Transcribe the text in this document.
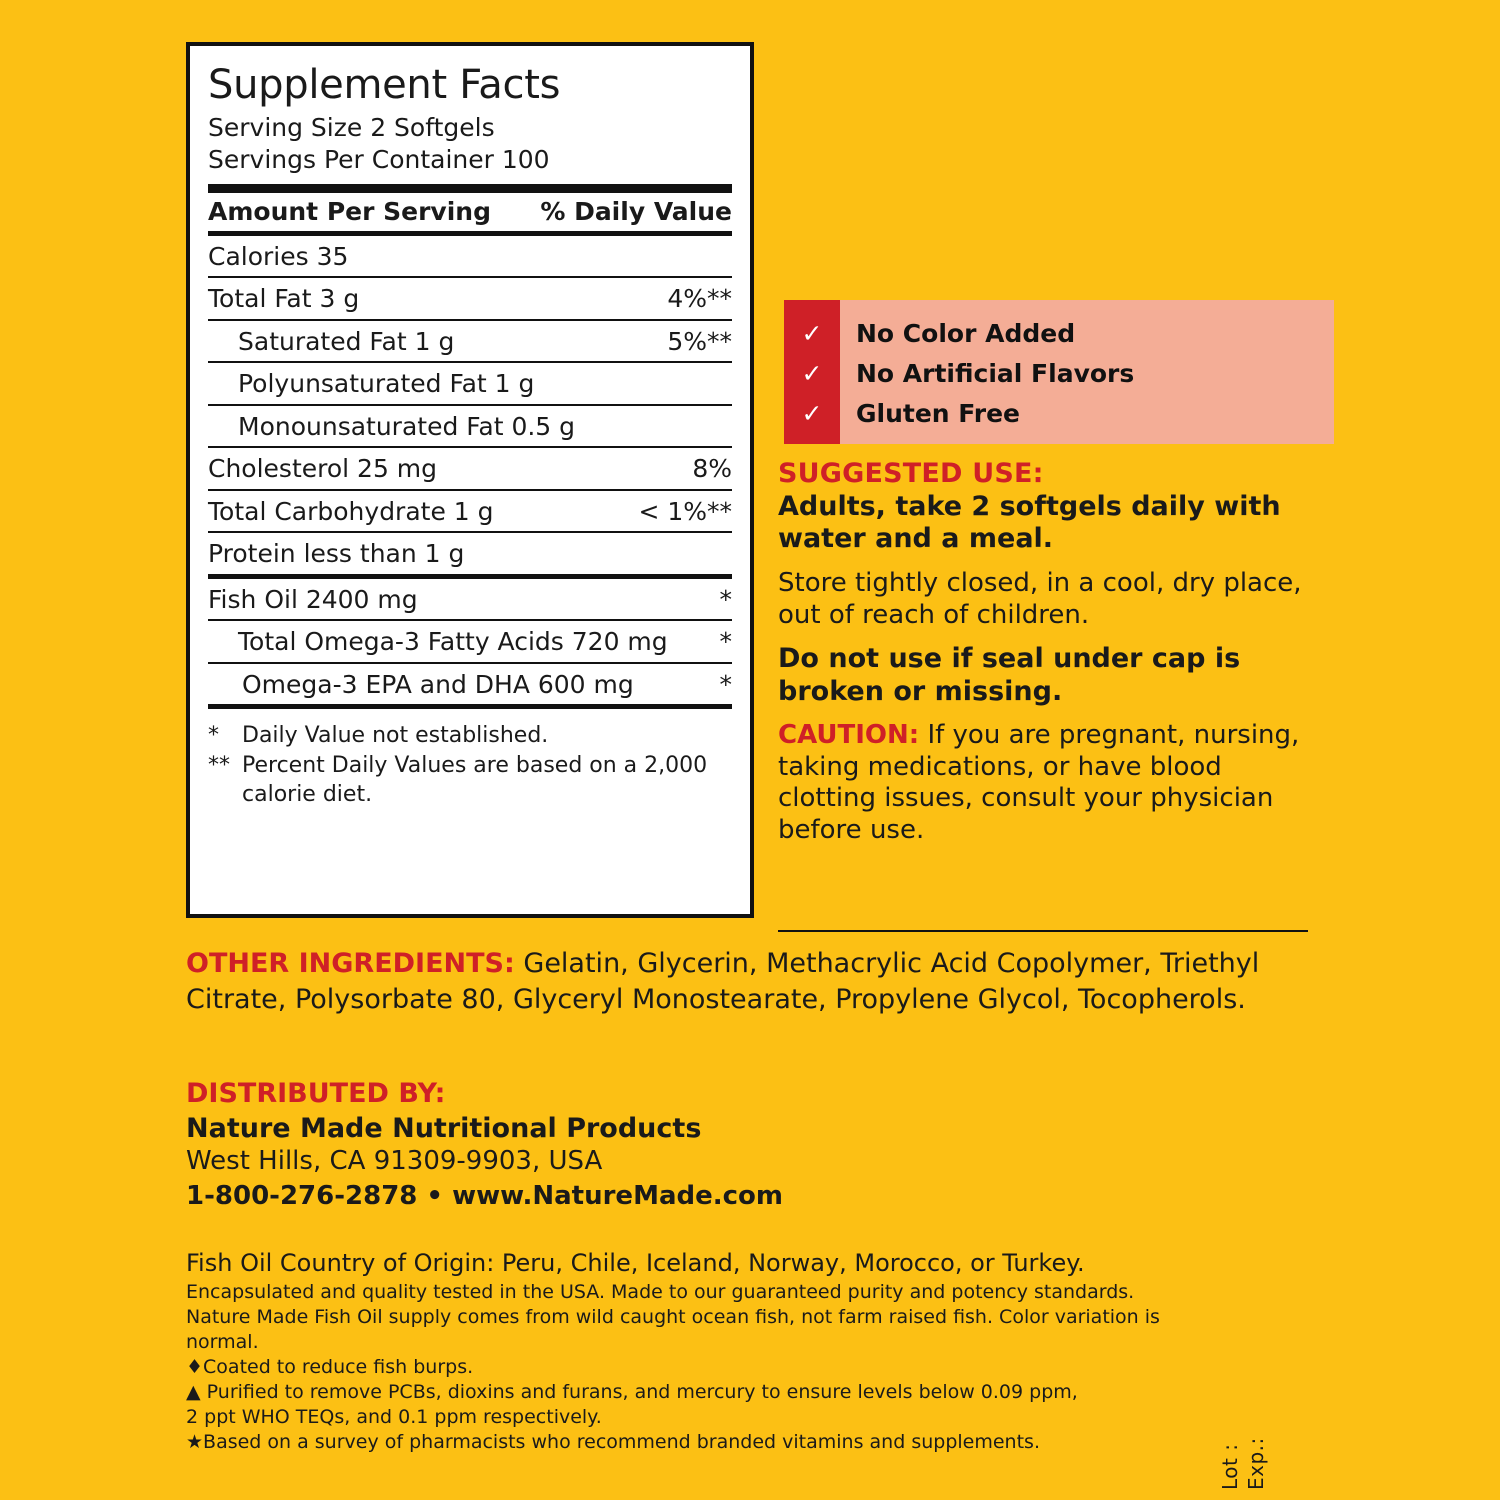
Supplement Facts
Serving Size 2 Softgels
Servings Per Container 100
Amount Per Serving % Daily Value
Calories 35
Total Fat 3 g	4%**
Saturated Fat 1 g	5%**
Polyunsaturated Fat 1 g
Monounsaturated Fat 0.5 g
Cholesterol 25 mg	8%
Total Carbohydrate 1 g	< 1%**
Protein less than 1 g
Fish Oil 2400 mg	*
Total Omega-3 Fatty Acids 720 mg *
Omega-3 EPA and DHA 600 mg	*
*	Daily Value not established.
** Percent Daily Values are based on a 2,000 calorie diet.
✓
✓
✓
No Color Added
No Artificial Flavors
Gluten Free
SUGGESTED USE:

Adults, take 2 softgels daily with water and a meal.

Store tightly closed, in a cool, dry place, out of reach of children.

Do not use if seal under cap is broken or missing.

CAUTION: If you are pregnant, nursing, taking medications, or have blood clotting issues, consult your physician before use.

OTHER INGREDIENTS: Gelatin, Glycerin, Methacrylic Acid Copolymer, Triethyl Citrate, Polysorbate 80, Glyceryl Monostearate, Propylene Glycol, Tocopherols.
DISTRIBUTED BY:
Nature Made Nutritional Products
West Hills, CA 91309-9903, USA
1-800-276-2878 • www.NatureMade.com
Fish Oil Country of Origin: Peru, Chile, Iceland, Norway, Morocco, or Turkey.
Encapsulated and quality tested in the USA. Made to our guaranteed purity and potency standards.
Nature Made Fish Oil supply comes from wild caught ocean fish, not farm raised fish. Color variation is normal.
♦Coated to reduce fish burps.
▲ Purified to remove PCBs, dioxins and furans, and mercury to ensure levels below 0.09 ppm,
2 ppt WHO TEQs, and 0.1 ppm respectively.
★Based on a survey of pharmacists who recommend branded vitamins and supplements.
Lot : Exp.:
